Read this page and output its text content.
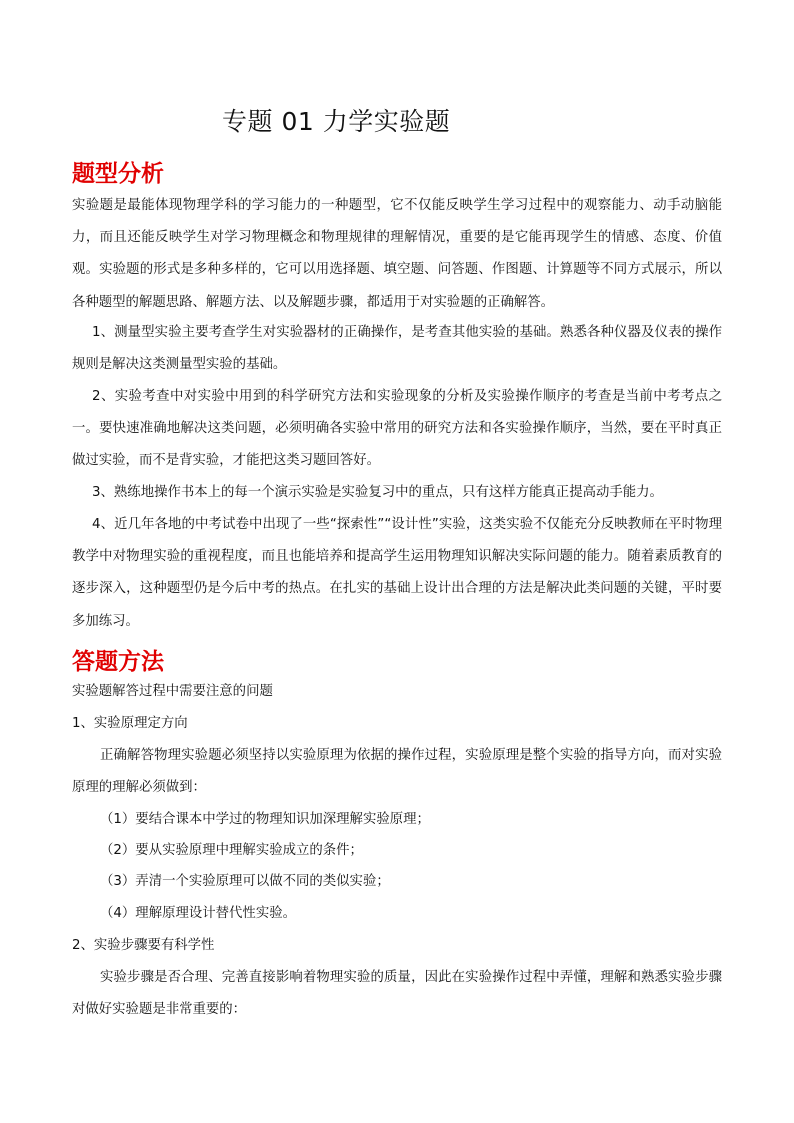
专题 01 力学实验题
题型分析
实验题是最能体现物理学科的学习能力的一种题型，它不仅能反映学生学习过程中的观察能力、动手动脑能力，而且还能反映学生对学习物理概念和物理规律的理解情况，重要的是它能再现学生的情感、态度、价值观。实验题的形式是多种多样的，它可以用选择题、填空题、问答题、作图题、计算题等不同方式展示，所以各种题型的解题思路、解题方法、以及解题步骤，都适用于对实验题的正确解答。
1、测量型实验主要考查学生对实验器材的正确操作，是考查其他实验的基础。熟悉各种仪器及仪表的操作规则是解决这类测量型实验的基础。
2、实验考查中对实验中用到的科学研究方法和实验现象的分析及实验操作顺序的考查是当前中考考点之一。要快速准确地解决这类问题，必须明确各实验中常用的研究方法和各实验操作顺序，当然，要在平时真正做过实验，而不是背实验，才能把这类习题回答好。
3、熟练地操作书本上的每一个演示实验是实验复习中的重点，只有这样方能真正提高动手能力。
4、近几年各地的中考试卷中出现了一些“探索性”“设计性”实验，这类实验不仅能充分反映教师在平时物理教学中对物理实验的重视程度，而且也能培养和提高学生运用物理知识解决实际问题的能力。随着素质教育的逐步深入，这种题型仍是今后中考的热点。在扎实的基础上设计出合理的方法是解决此类问题的关键，平时要多加练习。
答题方法
实验题解答过程中需要注意的问题
1、实验原理定方向
正确解答物理实验题必须坚持以实验原理为依据的操作过程，实验原理是整个实验的指导方向，而对实验原理的理解必须做到：
（1）要结合课本中学过的物理知识加深理解实验原理；
（2）要从实验原理中理解实验成立的条件；
（3）弄清一个实验原理可以做不同的类似实验；
（4）理解原理设计替代性实验。
2、实验步骤要有科学性
实验步骤是否合理、完善直接影响着物理实验的质量，因此在实验操作过程中弄懂，理解和熟悉实验步骤对做好实验题是非常重要的：
